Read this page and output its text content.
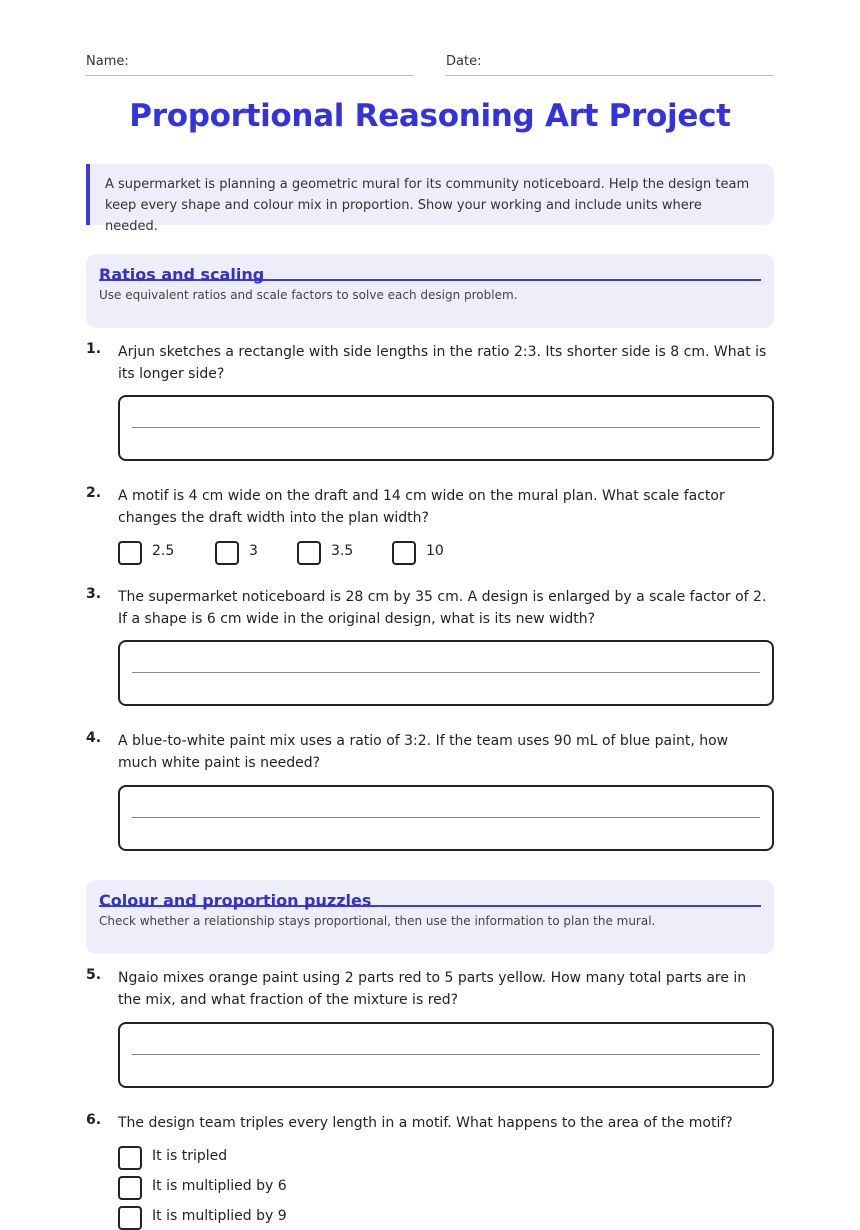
Name:	Date:
Proportional Reasoning Art Project
A supermarket is planning a geometric mural for its community noticeboard. Help the design team keep every shape and colour mix in proportion. Show your working and include units where needed.
Ratios and scaling
Use equivalent ratios and scale factors to solve each design problem.
1. Arjun sketches a rectangle with side lengths in the ratio 2:3. Its shorter side is 8 cm. What is its longer side?
2. A motif is 4 cm wide on the draft and 14 cm wide on the mural plan. What scale factor changes the draft width into the plan width?
2.5	3	3.5	10
3. The supermarket noticeboard is 28 cm by 35 cm. A design is enlarged by a scale factor of 2. If a shape is 6 cm wide in the original design, what is its new width?
4. A blue-to-white paint mix uses a ratio of 3:2. If the team uses 90 mL of blue paint, how much white paint is needed?
Colour and proportion puzzles
Check whether a relationship stays proportional, then use the information to plan the mural.
5. Ngaio mixes orange paint using 2 parts red to 5 parts yellow. How many total parts are in the mix, and what fraction of the mixture is red?
6. The design team triples every length in a motif. What happens to the area of the motif?
It is tripled
It is multiplied by 6
It is multiplied by 9
